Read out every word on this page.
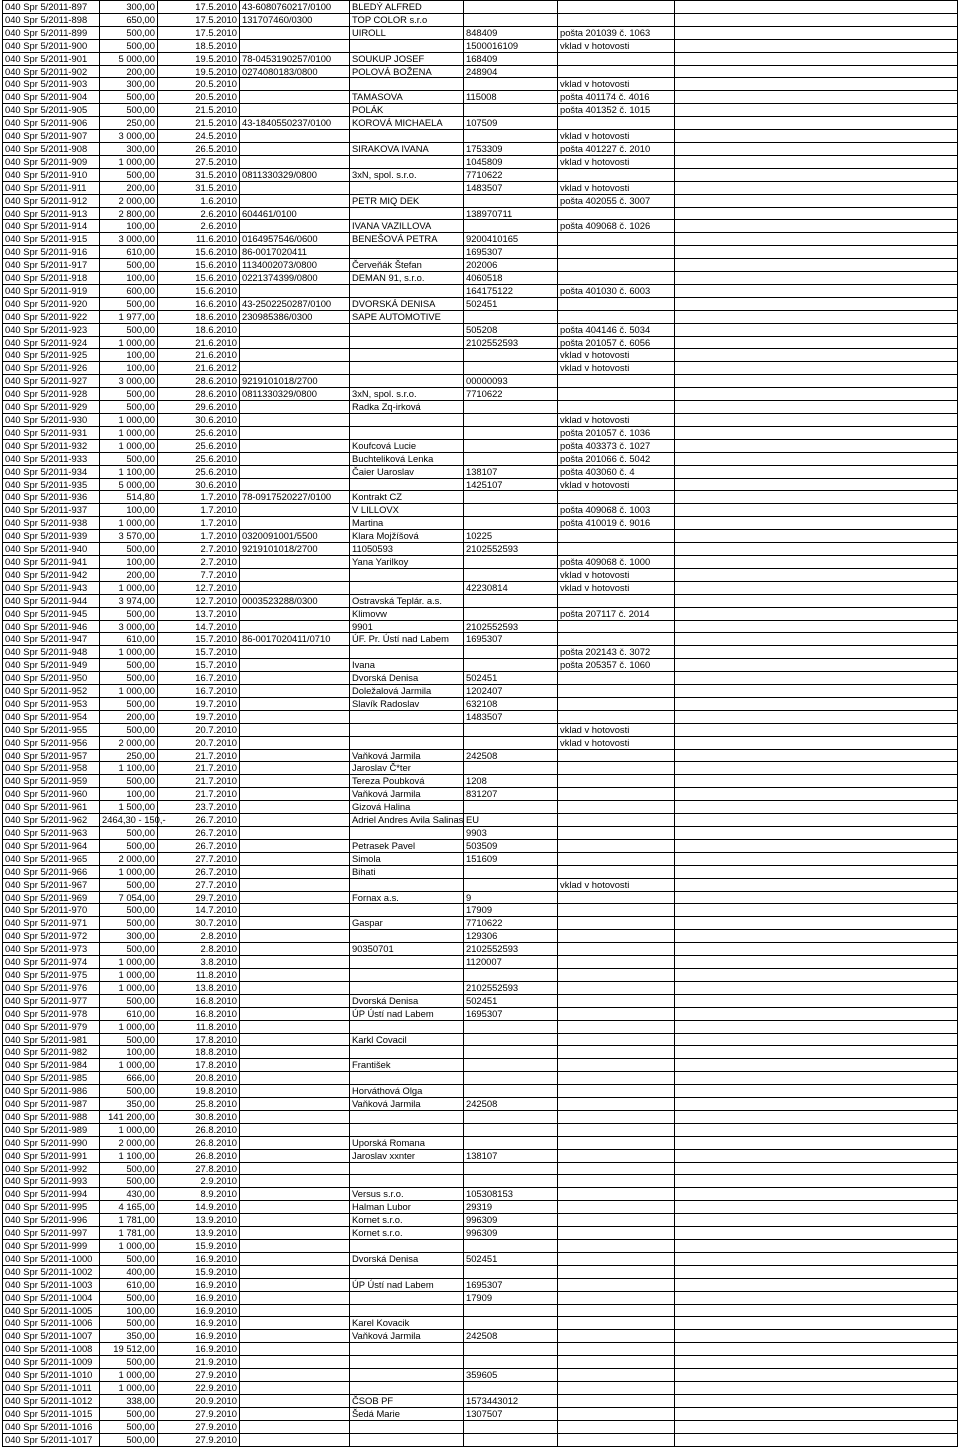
040 Spr 5/2011-897	300,00	17.5.2010	43-6080760217/0100	BLEDÝ ALFRED			
040 Spr 5/2011-898	650,00	17.5.2010	131707460/0300	TOP COLOR s.r.o			
040 Spr 5/2011-899	500,00	17.5.2010		UIROLL	848409	pošta 201039 č. 1063	
040 Spr 5/2011-900	500,00	18.5.2010			1500016109	vklad v hotovosti	
040 Spr 5/2011-901	5 000,00	19.5.2010	78-0453190257/0100	SOUKUP JOSEF	168409		
040 Spr 5/2011-902	200,00	19.5.2010	0274080183/0800	POLOVÁ BOŽENA	248904		
040 Spr 5/2011-903	300,00	20.5.2010				vklad v hotovosti	
040 Spr 5/2011-904	500,00	20.5.2010		TAMASOVA	115008	pošta 401174 č. 4016	
040 Spr 5/2011-905	500,00	21.5.2010		POLÁK		pošta 401352 č. 1015	
040 Spr 5/2011-906	250,00	21.5.2010	43-1840550237/0100	KOROVÁ MICHAELA	107509		
040 Spr 5/2011-907	3 000,00	24.5.2010				vklad v hotovosti	
040 Spr 5/2011-908	300,00	26.5.2010		SIRAKOVA IVANA	1753309	pošta 401227 č. 2010	
040 Spr 5/2011-909	1 000,00	27.5.2010			1045809	vklad v hotovosti	
040 Spr 5/2011-910	500,00	31.5.2010	0811330329/0800	3xN, spol. s.r.o.	7710622		
040 Spr 5/2011-911	200,00	31.5.2010			1483507	vklad v hotovosti	
040 Spr 5/2011-912	2 000,00	1.6.2010		PETR MIQ DEK		pošta 402055 č. 3007	
040 Spr 5/2011-913	2 800,00	2.6.2010	604461/0100		138970711		
040 Spr 5/2011-914	100,00	2.6.2010		IVANA VAZILLOVA		pošta 409068 č. 1026	
040 Spr 5/2011-915	3 000,00	11.6.2010	0164957546/0600	BENEŠOVÁ PETRA	9200410165		
040 Spr 5/2011-916	610,00	15.6.2010	86-0017020411		1695307		
040 Spr 5/2011-917	500,00	15.6.2010	1134002073/0800	Červeňák Štefan	202006		
040 Spr 5/2011-918	100,00	15.6.2010	0221374399/0800	DEMAN 91, s.r.o.	4060518		
040 Spr 5/2011-919	600,00	15.6.2010			164175122	pošta 401030 č. 6003	
040 Spr 5/2011-920	500,00	16.6.2010	43-2502250287/0100	DVORSKÁ DENISA	502451		
040 Spr 5/2011-922	1 977,00	18.6.2010	230985386/0300	SAPE AUTOMOTIVE			
040 Spr 5/2011-923	500,00	18.6.2010			505208	pošta 404146 č. 5034	
040 Spr 5/2011-924	1 000,00	21.6.2010			2102552593	pošta 201057 č. 6056	
040 Spr 5/2011-925	100,00	21.6.2010				vklad v hotovosti	
040 Spr 5/2011-926	100,00	21.6.2012				vklad v hotovosti	
040 Spr 5/2011-927	3 000,00	28.6.2010	9219101018/2700		00000093		
040 Spr 5/2011-928	500,00	28.6.2010	0811330329/0800	3xN, spol. s.r.o.	7710622		
040 Spr 5/2011-929	500,00	29.6.2010		Radka Zq-irková			
040 Spr 5/2011-930	1 000,00	30.6.2010				vklad v hotovosti	
040 Spr 5/2011-931	1 000,00	25.6.2010				pošta 201057 č. 1036	
040 Spr 5/2011-932	1 000,00	25.6.2010		Koufcová Lucie		pošta 403373 č. 1027	
040 Spr 5/2011-933	500,00	25.6.2010		Buchteliková Lenka		pošta 201066 č. 5042	
040 Spr 5/2011-934	1 100,00	25.6.2010		Čaier Uaroslav	138107	pošta 403060 č. 4	
040 Spr 5/2011-935	5 000,00	30.6.2010			1425107	vklad v hotovosti	
040 Spr 5/2011-936	514,80	1.7.2010	78-0917520227/0100	Kontrakt CZ			
040 Spr 5/2011-937	100,00	1.7.2010		V LILLOVX		pošta 409068 č. 1003	
040 Spr 5/2011-938	1 000,00	1.7.2010		Martina		pošta 410019 č. 9016	
040 Spr 5/2011-939	3 570,00	1.7.2010	0320091001/5500	Klara Mojžíšová	10225		
040 Spr 5/2011-940	500,00	2.7.2010	9219101018/2700	11050593	2102552593		
040 Spr 5/2011-941	100,00	2.7.2010		Yana Yarilkoy		pošta 409068 č. 1000	
040 Spr 5/2011-942	200,00	7.7.2010				vklad v hotovosti	
040 Spr 5/2011-943	1 000,00	12.7.2010			42230814	vklad v hotovosti	
040 Spr 5/2011-944	3 974,00	12.7.2010	0003523288/0300	Ostravská Teplár. a.s.			
040 Spr 5/2011-945	500,00	13.7.2010		Klimovw		pošta 207117 č. 2014	
040 Spr 5/2011-946	3 000,00	14.7.2010		9901	2102552593		
040 Spr 5/2011-947	610,00	15.7.2010	86-0017020411/0710	ÚF. Pr. Ústí nad Labem	1695307		
040 Spr 5/2011-948	1 000,00	15.7.2010				pošta 202143 č. 3072	
040 Spr 5/2011-949	500,00	15.7.2010		Ivana		pošta 205357 č. 1060	
040 Spr 5/2011-950	500,00	16.7.2010		Dvorská Denisa	502451		
040 Spr 5/2011-952	1 000,00	16.7.2010		Doležalová Jarmila	1202407		
040 Spr 5/2011-953	500,00	19.7.2010		Slavík Radoslav	632108		
040 Spr 5/2011-954	200,00	19.7.2010			1483507		
040 Spr 5/2011-955	500,00	20.7.2010				vklad v hotovosti	
040 Spr 5/2011-956	2 000,00	20.7.2010				vklad v hotovosti	
040 Spr 5/2011-957	250,00	21.7.2010		Vaňková Jarmila	242508		
040 Spr 5/2011-958	1 100,00	21.7.2010		Jaroslav Č*ter			
040 Spr 5/2011-959	500,00	21.7.2010		Tereza Poubková	1208		
040 Spr 5/2011-960	100,00	21.7.2010		Vaňková Jarmila	831207		
040 Spr 5/2011-961	1 500,00	23.7.2010		Gizová Halina			
040 Spr 5/2011-962	2464,30 - 150,-	26.7.2010		Adriel Andres Avila Salinas	EU		
040 Spr 5/2011-963	500,00	26.7.2010			9903		
040 Spr 5/2011-964	500,00	26.7.2010		Petrasek Pavel	503509		
040 Spr 5/2011-965	2 000,00	27.7.2010		Simola	151609		
040 Spr 5/2011-966	1 000,00	26.7.2010		Bihati			
040 Spr 5/2011-967	500,00	27.7.2010				vklad v hotovosti	
040 Spr 5/2011-969	7 054,00	29.7.2010		Fornax a.s.	9		
040 Spr 5/2011-970	500,00	14.7.2010			17909		
040 Spr 5/2011-971	500,00	30.7.2010		Gaspar	7710622		
040 Spr 5/2011-972	300,00	2.8.2010			129306		
040 Spr 5/2011-973	500,00	2.8.2010		90350701	2102552593		
040 Spr 5/2011-974	1 000,00	3.8.2010			1120007		
040 Spr 5/2011-975	1 000,00	11.8.2010					
040 Spr 5/2011-976	1 000,00	13.8.2010			2102552593		
040 Spr 5/2011-977	500,00	16.8.2010		Dvorská Denisa	502451		
040 Spr 5/2011-978	610,00	16.8.2010		ÚP Ústí nad Labem	1695307		
040 Spr 5/2011-979	1 000,00	11.8.2010					
040 Spr 5/2011-981	500,00	17.8.2010		Karkl Covacil			
040 Spr 5/2011-982	100,00	18.8.2010					
040 Spr 5/2011-984	1 000,00	17.8.2010		František			
040 Spr 5/2011-985	666,00	20.8.2010					
040 Spr 5/2011-986	500,00	19.8.2010		Horváthová Olga			
040 Spr 5/2011-987	350,00	25.8.2010		Vaňková Jarmila	242508		
040 Spr 5/2011-988	141 200,00	30.8.2010					
040 Spr 5/2011-989	1 000,00	26.8.2010					
040 Spr 5/2011-990	2 000,00	26.8.2010		Uporská Romana			
040 Spr 5/2011-991	1 100,00	26.8.2010		Jaroslav xxnter	138107		
040 Spr 5/2011-992	500,00	27.8.2010					
040 Spr 5/2011-993	500,00	2.9.2010					
040 Spr 5/2011-994	430,00	8.9.2010		Versus s.r.o.	105308153		
040 Spr 5/2011-995	4 165,00	14.9.2010		Halman Lubor	29319		
040 Spr 5/2011-996	1 781,00	13.9.2010		Kornet s.r.o.	996309		
040 Spr 5/2011-997	1 781,00	13.9.2010		Kornet s.r.o.	996309		
040 Spr 5/2011-999	1 000,00	15.9.2010					
040 Spr 5/2011-1000	500,00	16.9.2010		Dvorská Denisa	502451		
040 Spr 5/2011-1002	400,00	15.9.2010					
040 Spr 5/2011-1003	610,00	16.9.2010		ÚP Ústí nad Labem	1695307		
040 Spr 5/2011-1004	500,00	16.9.2010			17909		
040 Spr 5/2011-1005	100,00	16.9.2010					
040 Spr 5/2011-1006	500,00	16.9.2010		Karel Kovacik			
040 Spr 5/2011-1007	350,00	16.9.2010		Vaňková Jarmila	242508		
040 Spr 5/2011-1008	19 512,00	16.9.2010					
040 Spr 5/2011-1009	500,00	21.9.2010					
040 Spr 5/2011-1010	1 000,00	27.9.2010			359605		
040 Spr 5/2011-1011	1 000,00	22.9.2010					
040 Spr 5/2011-1012	338,00	20.9.2010		ČSOB PF	1573443012		
040 Spr 5/2011-1015	500,00	27.9.2010		Šedá Marie	1307507		
040 Spr 5/2011-1016	500,00	27.9.2010					
040 Spr 5/2011-1017	500,00	27.9.2010					
